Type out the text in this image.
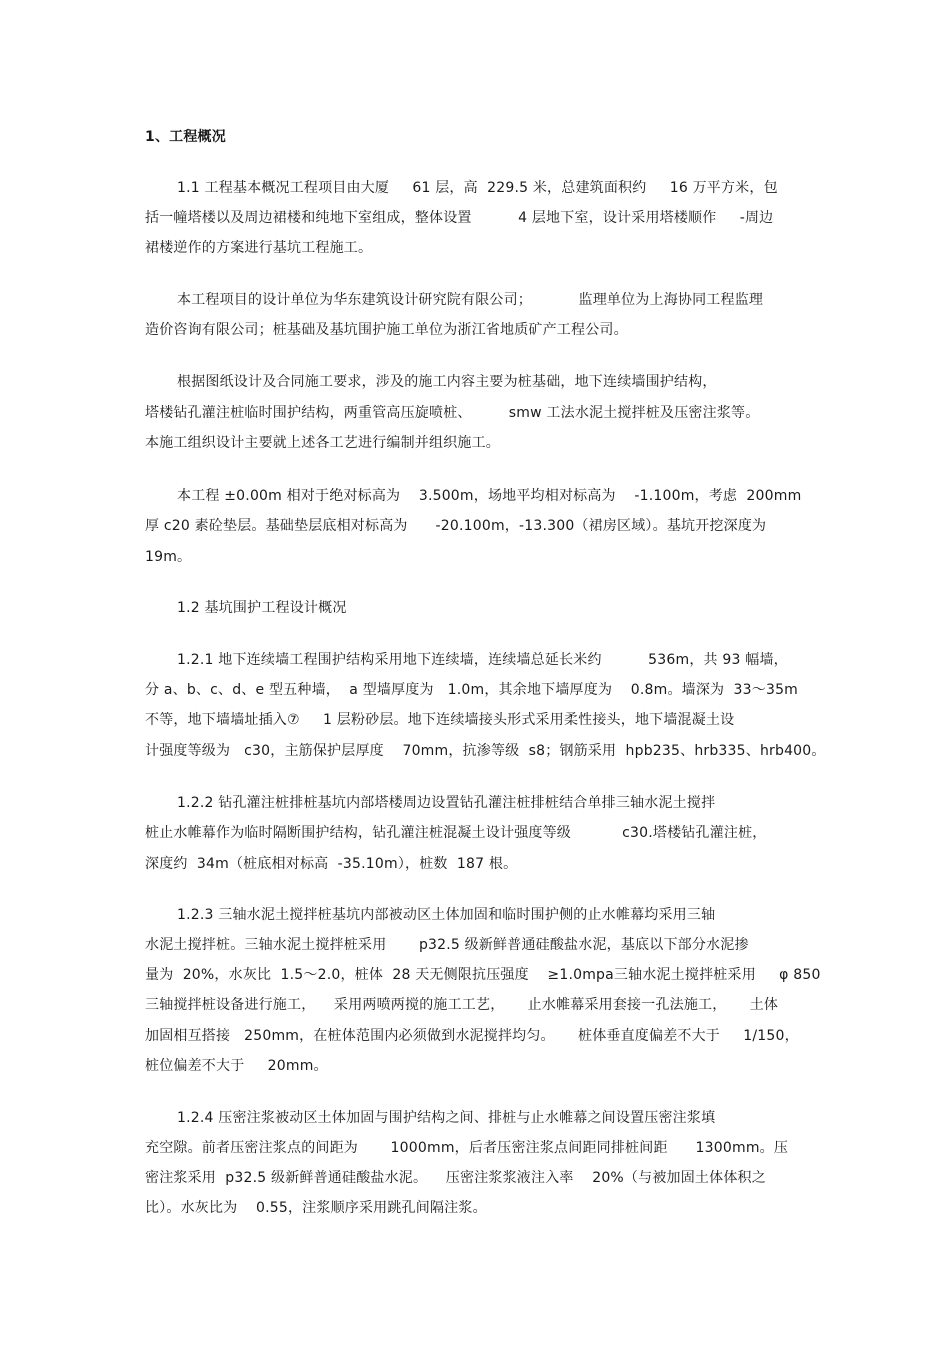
1、工程概况
1.1 工程基本概况工程项目由大厦     61 层，高  229.5 米，总建筑面积约     16 万平方米，包
括一幢塔楼以及周边裙楼和纯地下室组成，整体设置          4 层地下室，设计采用塔楼顺作     -周边
裙楼逆作的方案进行基坑工程施工。
本工程项目的设计单位为华东建筑设计研究院有限公司；          监理单位为上海协同工程监理
造价咨询有限公司；桩基础及基坑围护施工单位为浙江省地质矿产工程公司。
根据图纸设计及合同施工要求，涉及的施工内容主要为桩基础，地下连续墙围护结构，
塔楼钻孔灌注桩临时围护结构，两重管高压旋喷桩、        smw 工法水泥土搅拌桩及压密注浆等。
本施工组织设计主要就上述各工艺进行编制并组织施工。
本工程 ±0.00m 相对于绝对标高为    3.500m，场地平均相对标高为    -1.100m，考虑  200mm
厚 c20 素砼垫层。基础垫层底相对标高为      -20.100m，-13.300（裙房区域）。基坑开挖深度为
19m。
1.2 基坑围护工程设计概况
1.2.1 地下连续墙工程围护结构采用地下连续墙，连续墙总延长米约          536m，共 93 幅墙，
分 a、b、c、d、e 型五种墙，  a 型墙厚度为   1.0m，其余地下墙厚度为    0.8m。墙深为  33～35m
不等，地下墙墙址插入⑦     1 层粉砂层。地下连续墙接头形式采用柔性接头，地下墙混凝土设
计强度等级为   c30，主筋保护层厚度    70mm，抗渗等级  s8；钢筋采用  hpb235、hrb335、hrb400。
1.2.2 钻孔灌注桩排桩基坑内部塔楼周边设置钻孔灌注桩排桩结合单排三轴水泥土搅拌
桩止水帷幕作为临时隔断围护结构，钻孔灌注桩混凝土设计强度等级           c30.塔楼钻孔灌注桩，
深度约  34m（桩底相对标高  -35.10m），桩数  187 根。
1.2.3 三轴水泥土搅拌桩基坑内部被动区土体加固和临时围护侧的止水帷幕均采用三轴
水泥土搅拌桩。三轴水泥土搅拌桩采用       p32.5 级新鲜普通硅酸盐水泥，基底以下部分水泥掺
量为  20%，水灰比  1.5～2.0，桩体  28 天无侧限抗压强度    ≥1.0mpa三轴水泥土搅拌桩采用     φ 850
三轴搅拌桩设备进行施工，    采用两喷两搅的施工工艺，     止水帷幕采用套接一孔法施工，     土体
加固相互搭接   250mm，在桩体范围内必须做到水泥搅拌均匀。     桩体垂直度偏差不大于     1/150，
桩位偏差不大于     20mm。
1.2.4 压密注浆被动区土体加固与围护结构之间、排桩与止水帷幕之间设置压密注浆填
充空隙。前者压密注浆点的间距为       1000mm，后者压密注浆点间距同排桩间距      1300mm。压
密注浆采用  p32.5 级新鲜普通硅酸盐水泥。    压密注浆浆液注入率    20%（与被加固土体体积之
比）。水灰比为    0.55，注浆顺序采用跳孔间隔注浆。
